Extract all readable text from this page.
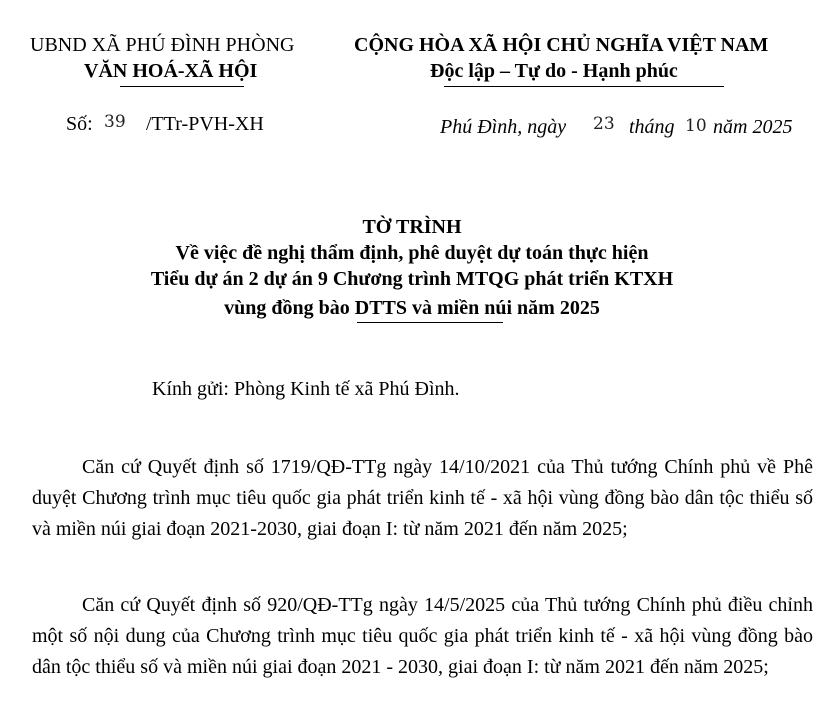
UBND XÃ PHÚ ĐÌNH PHÒNG
VĂN HOÁ-XÃ HỘI
CỘNG HÒA XÃ HỘI CHỦ NGHĨA VIỆT NAM
Độc lập – Tự do - Hạnh phúc
Số: 39 /TTr-PVH-XH	Phú Đình, ngày 23 tháng 10 năm 2025
TỜ TRÌNH
Về việc đề nghị thẩm định, phê duyệt dự toán thực hiện
Tiểu dự án 2 dự án 9 Chương trình MTQG phát triển KTXH
vùng đồng bào DTTS và miền núi năm 2025
Kính gửi: Phòng Kinh tế xã Phú Đình.
Căn cứ Quyết định số 1719/QĐ-TTg ngày 14/10/2021 của Thủ tướng Chính phủ về Phê duyệt Chương trình mục tiêu quốc gia phát triển kinh tế - xã hội vùng đồng bào dân tộc thiểu số và miền núi giai đoạn 2021-2030, giai đoạn I: từ năm 2021 đến năm 2025;
Căn cứ Quyết định số 920/QĐ-TTg ngày 14/5/2025 của Thủ tướng Chính phủ điều chỉnh một số nội dung của Chương trình mục tiêu quốc gia phát triển kinh tế - xã hội vùng đồng bào dân tộc thiểu số và miền núi giai đoạn 2021 - 2030, giai đoạn I: từ năm 2021 đến năm 2025;
